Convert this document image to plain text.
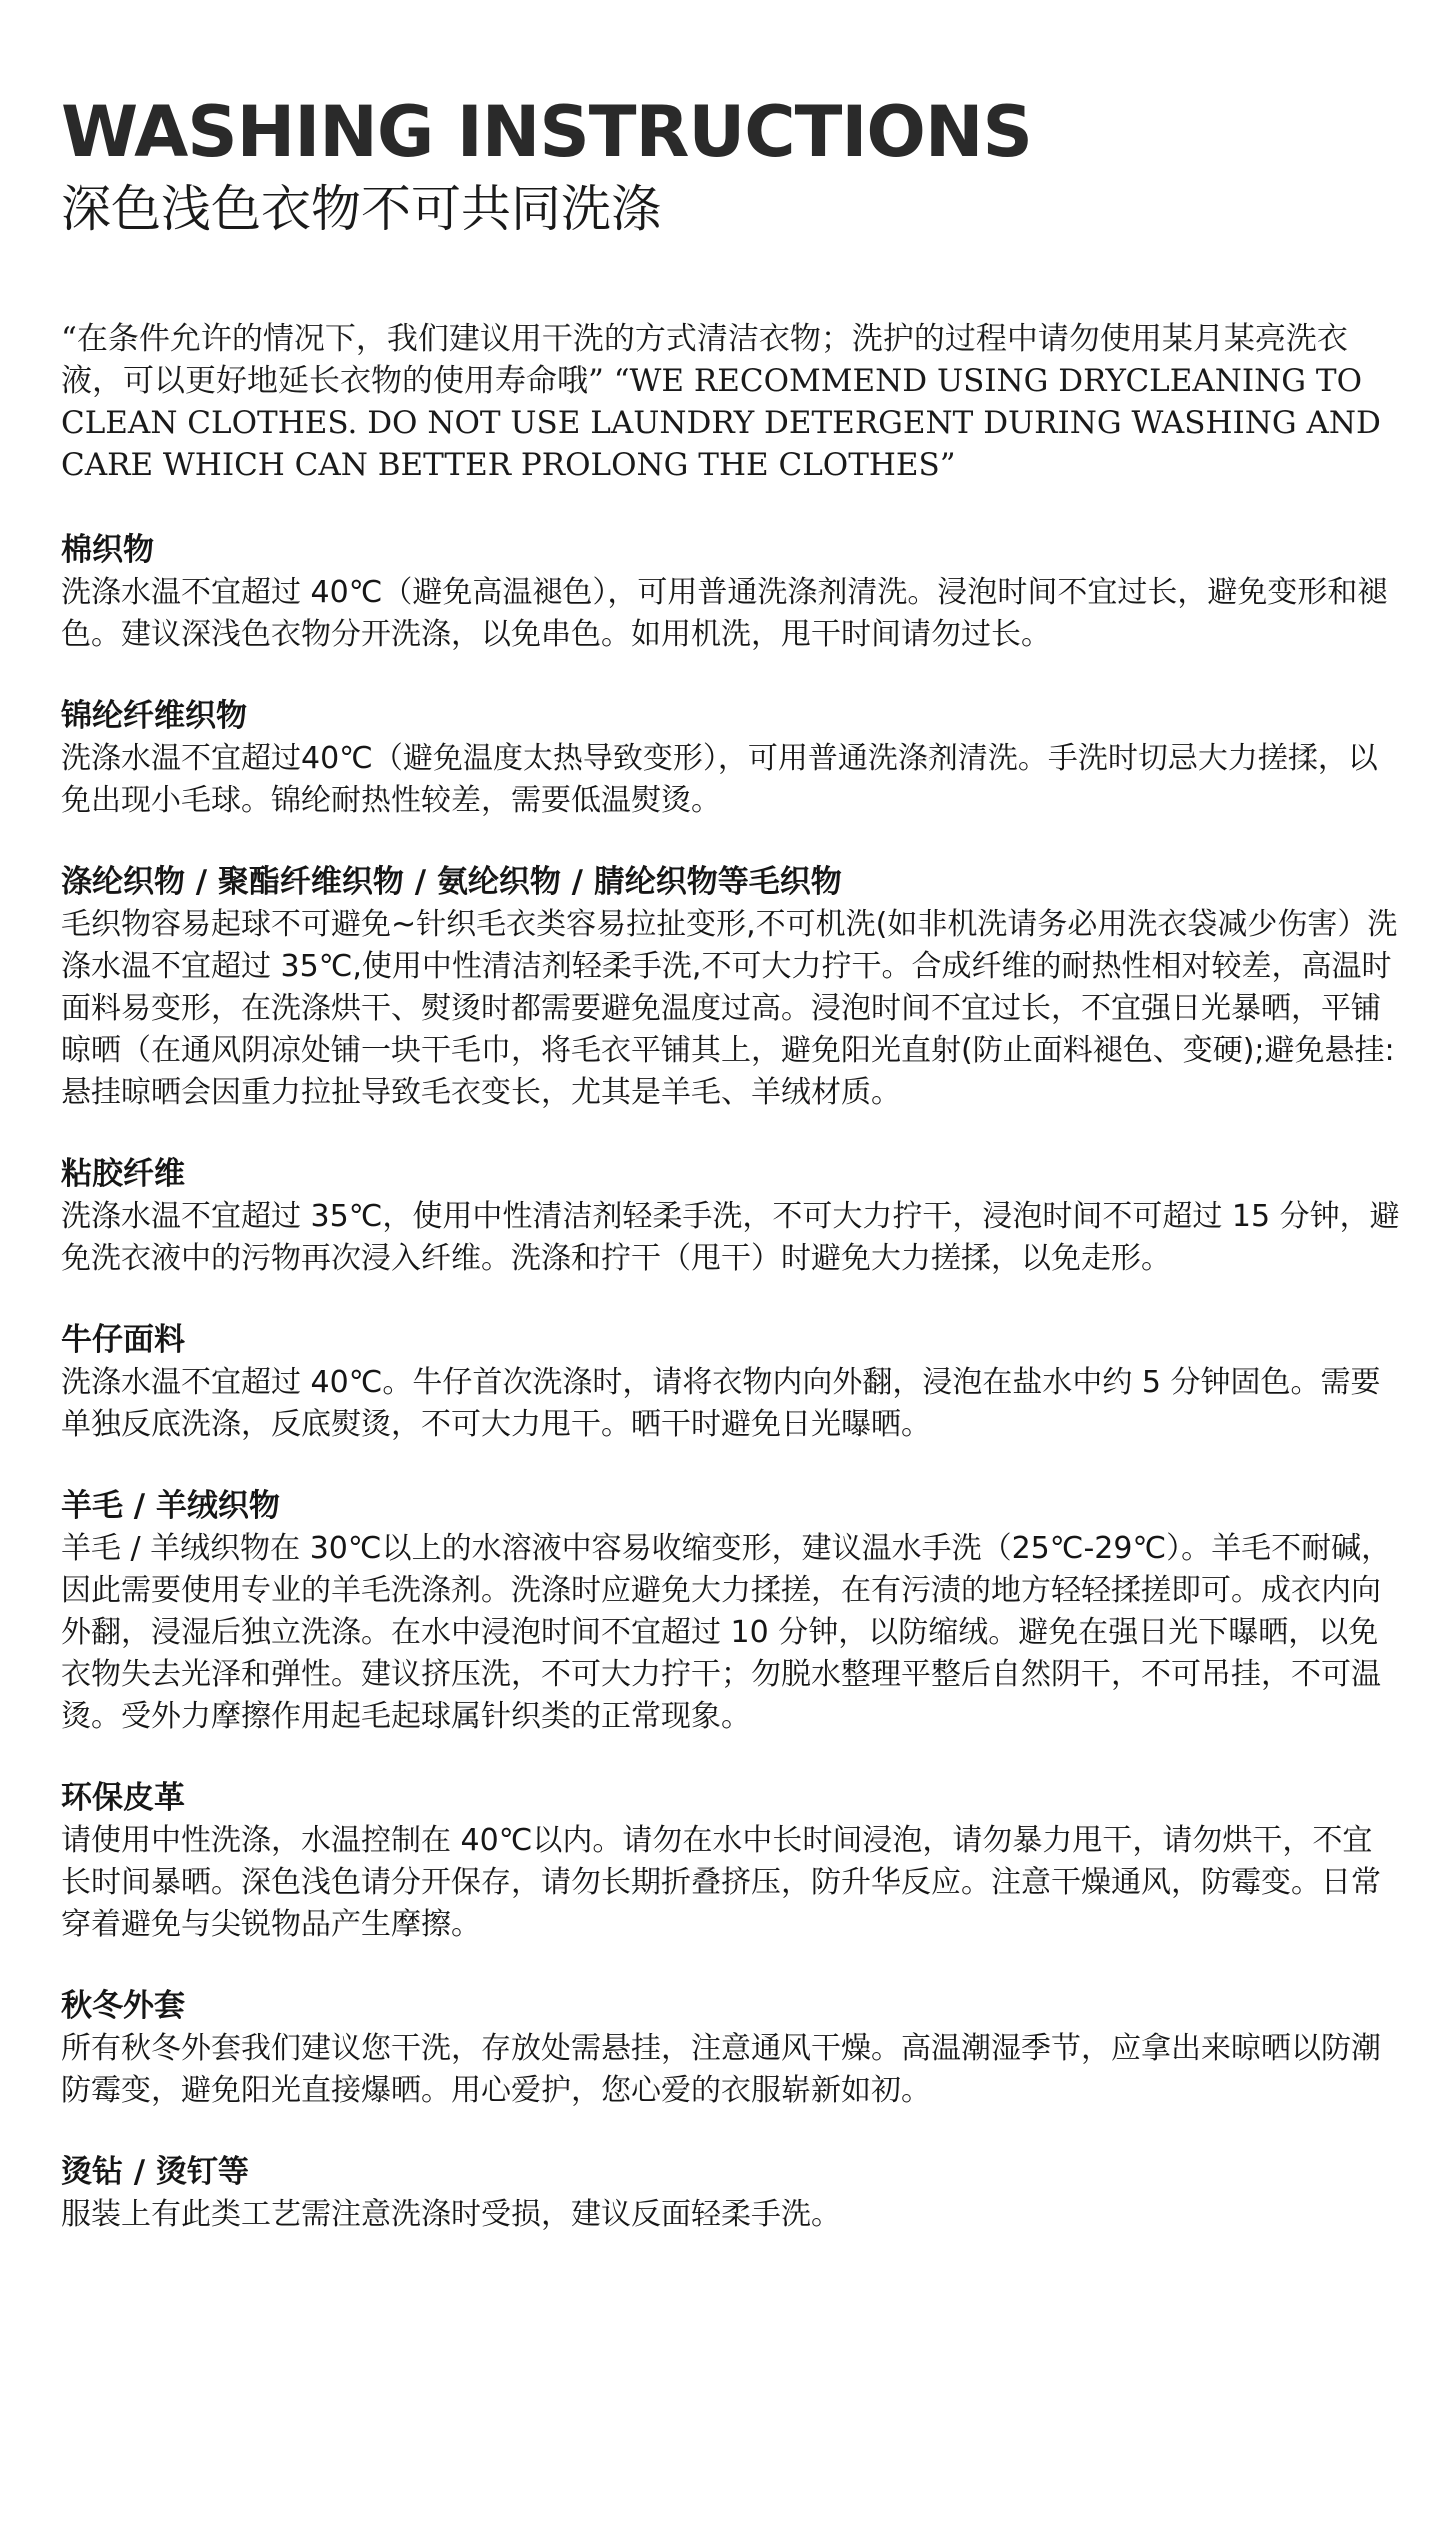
WASHING INSTRUCTIONS
深色浅色衣物不可共同洗涤

“在条件允许的情况下，我们建议用干洗的方式清洁衣物；洗护的过程中请勿使用某月某亮洗衣液，可以更好地延长衣物的使用寿命哦” “WE RECOMMEND USING DRYCLEANING TO CLEAN CLOTHES. DO NOT USE LAUNDRY DETERGENT DURING WASHING AND CARE WHICH CAN BETTER PROLONG THE CLOTHES”

棉织物
洗涤水温不宜超过 40℃（避免高温褪色），可用普通洗涤剂清洗。浸泡时间不宜过长，避免变形和褪色。建议深浅色衣物分开洗涤，以免串色。如用机洗，甩干时间请勿过长。
锦纶纤维织物
洗涤水温不宜超过40℃（避免温度太热导致变形），可用普通洗涤剂清洗。手洗时切忌大力搓揉，以免出现小毛球。锦纶耐热性较差，需要低温熨烫。
涤纶织物 / 聚酯纤维织物 / 氨纶织物 / 腈纶织物等毛织物
毛织物容易起球不可避免~针织毛衣类容易拉扯变形,不可机洗(如非机洗请务必用洗衣袋减少伤害）洗涤水温不宜超过 35℃,使用中性清洁剂轻柔手洗,不可大力拧干。合成纤维的耐热性相对较差，高温时面料易变形，在洗涤烘干、熨烫时都需要避免温度过高。浸泡时间不宜过长，不宜强日光暴晒，平铺晾晒（在通风阴凉处铺一块干毛巾，将毛衣平铺其上，避免阳光直射(防止面料褪色、变硬);避免悬挂:悬挂晾晒会因重力拉扯导致毛衣变长，尤其是羊毛、羊绒材质。
粘胶纤维
洗涤水温不宜超过 35℃，使用中性清洁剂轻柔手洗，不可大力拧干，浸泡时间不可超过 15 分钟，避免洗衣液中的污物再次浸入纤维。洗涤和拧干（甩干）时避免大力搓揉，以免走形。
牛仔面料
洗涤水温不宜超过 40℃。牛仔首次洗涤时，请将衣物内向外翻，浸泡在盐水中约 5 分钟固色。需要单独反底洗涤，反底熨烫，不可大力甩干。晒干时避免日光曝晒。
羊毛 / 羊绒织物
羊毛 / 羊绒织物在 30℃以上的水溶液中容易收缩变形，建议温水手洗（25℃-29℃）。羊毛不耐碱，因此需要使用专业的羊毛洗涤剂。洗涤时应避免大力揉搓，在有污渍的地方轻轻揉搓即可。成衣内向外翻，浸湿后独立洗涤。在水中浸泡时间不宜超过 10 分钟，以防缩绒。避免在强日光下曝晒，以免衣物失去光泽和弹性。建议挤压洗，不可大力拧干；勿脱水整理平整后自然阴干，不可吊挂，不可温烫。受外力摩擦作用起毛起球属针织类的正常现象。
环保皮革
请使用中性洗涤，水温控制在 40℃以内。请勿在水中长时间浸泡，请勿暴力甩干，请勿烘干，不宜长时间暴晒。深色浅色请分开保存，请勿长期折叠挤压，防升华反应。注意干燥通风，防霉变。日常穿着避免与尖锐物品产生摩擦。
秋冬外套
所有秋冬外套我们建议您干洗，存放处需悬挂，注意通风干燥。高温潮湿季节，应拿出来晾晒以防潮防霉变，避免阳光直接爆晒。用心爱护，您心爱的衣服崭新如初。
烫钻 / 烫钉等
服装上有此类工艺需注意洗涤时受损，建议反面轻柔手洗。
